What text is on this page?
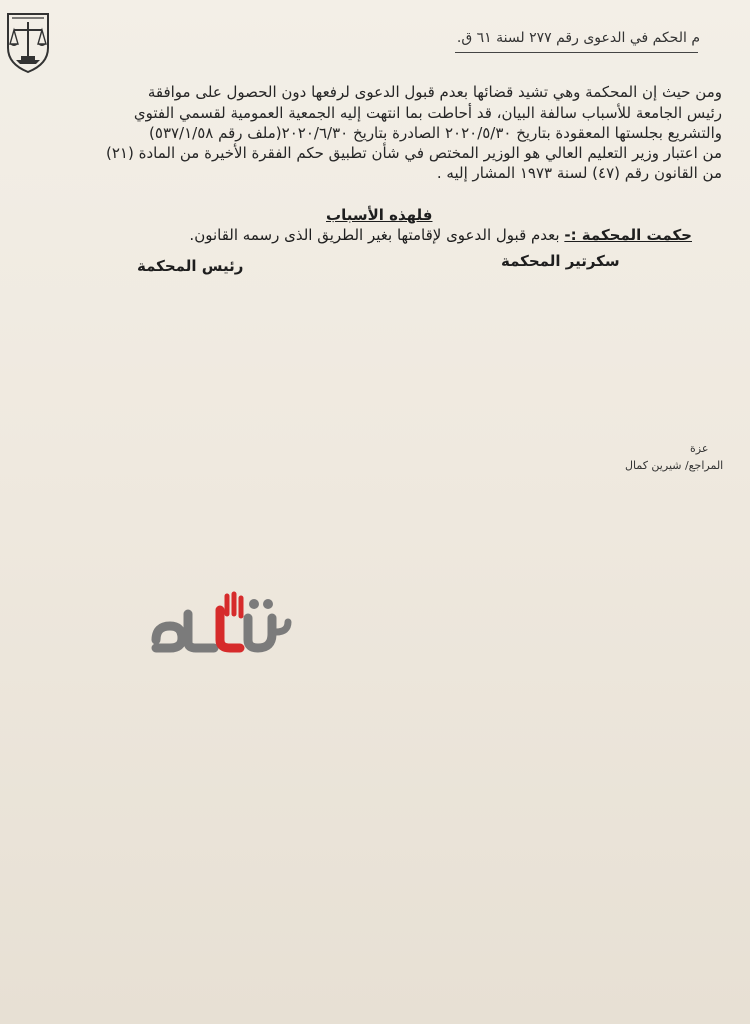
م الحكم في الدعوى رقم ٢٧٧ لسنة ٦١ ق.
ومن حيث إن المحكمة وهي تشيد قضائها بعدم قبول الدعوى لرفعها دون الحصول على موافقة
رئيس الجامعة للأسباب سالفة البيان، قد أحاطت بما انتهت إليه الجمعية العمومية لقسمي الفتوي
والتشريع بجلستها المعقودة بتاريخ ٢٠٢٠/٥/٣٠ الصادرة بتاريخ ٢٠٢٠/٦/٣٠(ملف رقم ٥٣٧/١/٥٨)
من اعتبار وزير التعليم العالي هو الوزير المختص في شأن تطبيق حكم الفقرة الأخيرة من المادة (٢١)
من القانون رقم (٤٧) لسنة ١٩٧٣ المشار إليه .
فلهذه الأسباب
حكمت المحكمة :- بعدم قبول الدعوى لإقامتها بغير الطريق الذى رسمه القانون.
سكرتير المحكمة
رئيس المحكمة
عزة
المراجع/ شيرين كمال
